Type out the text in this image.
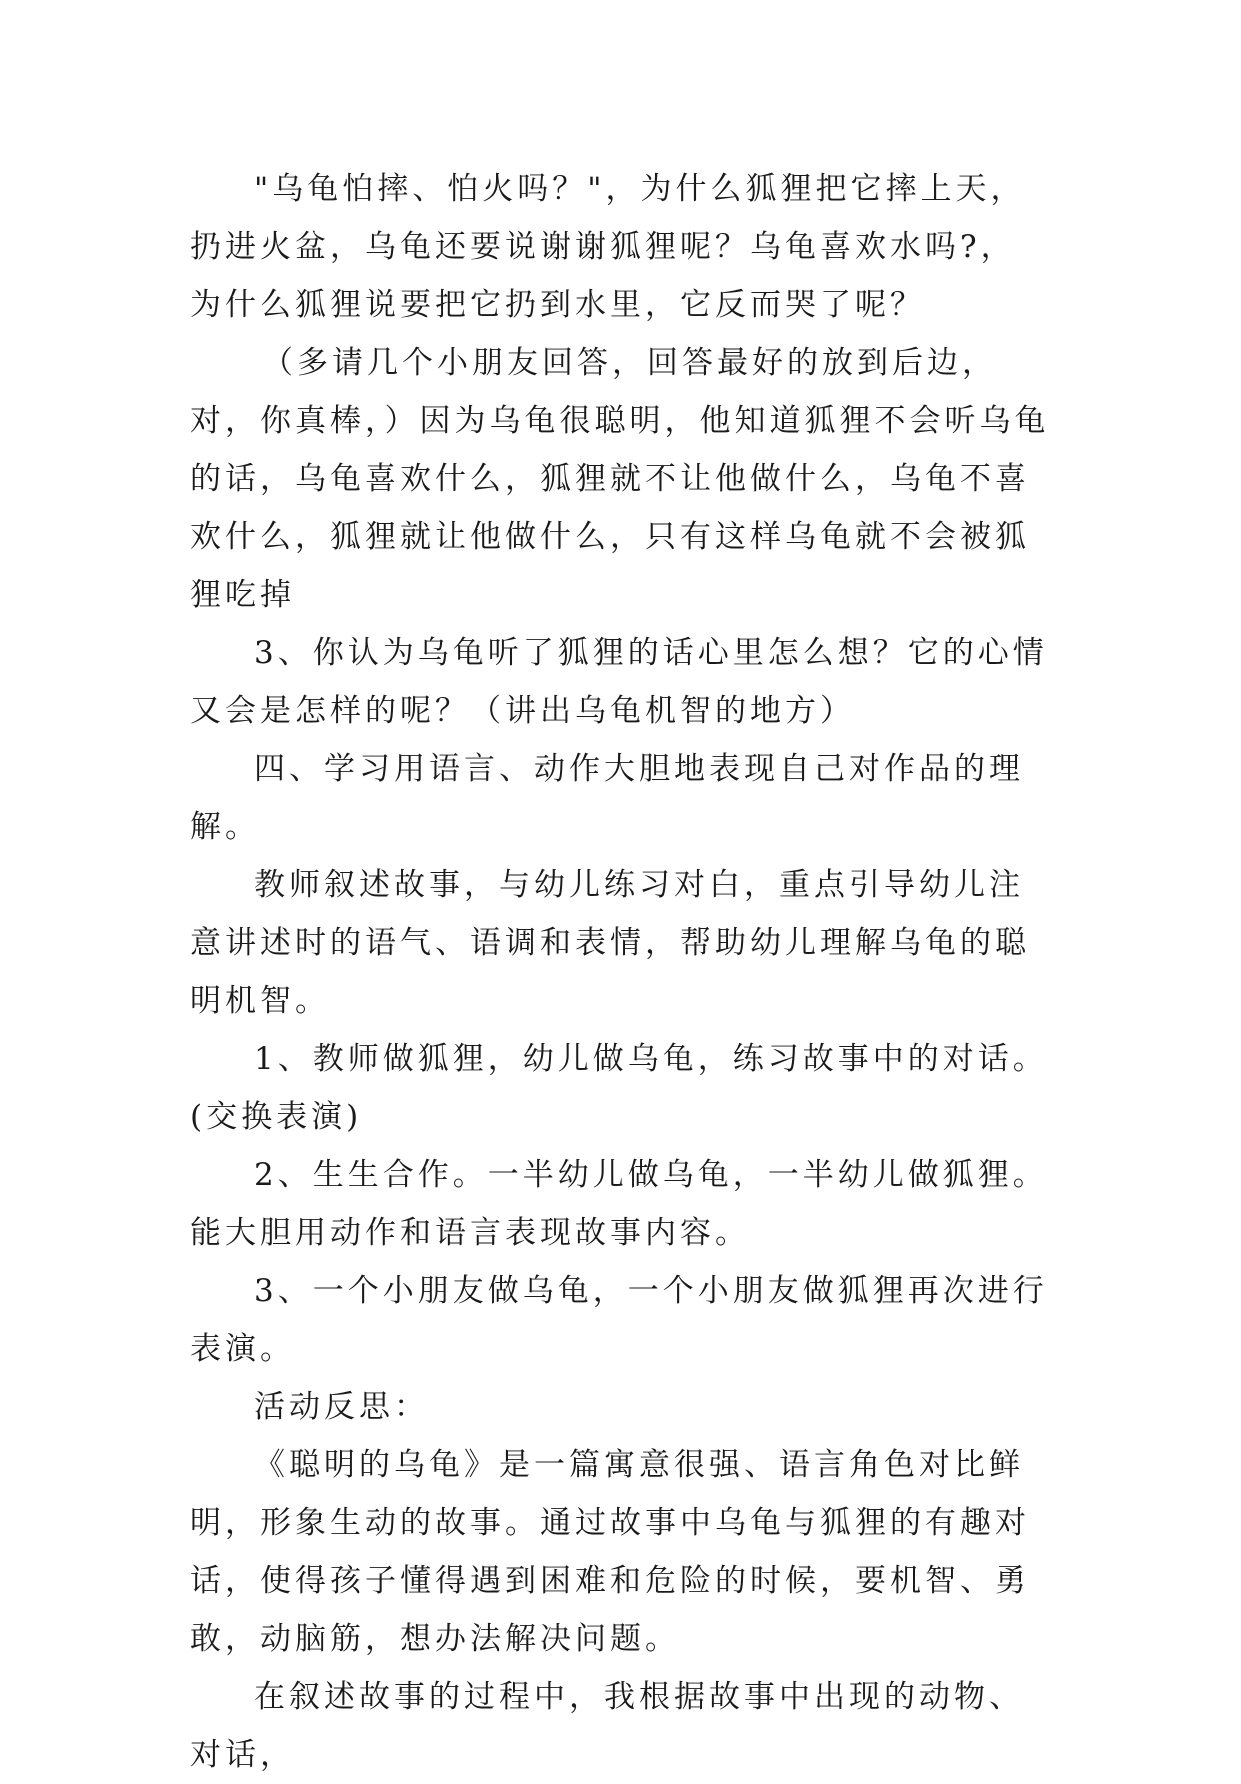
"乌龟怕摔、怕火吗？"，为什么狐狸把它摔上天，扔进火盆，乌龟还要说谢谢狐狸呢？乌龟喜欢水吗?，为什么狐狸说要把它扔到水里，它反而哭了呢？

（多请几个小朋友回答，回答最好的放到后边，对，你真棒，）因为乌龟很聪明，他知道狐狸不会听乌龟的话，乌龟喜欢什么，狐狸就不让他做什么，乌龟不喜欢什么，狐狸就让他做什么，只有这样乌龟就不会被狐狸吃掉

3、你认为乌龟听了狐狸的话心里怎么想？它的心情又会是怎样的呢？（讲出乌龟机智的地方）

四、学习用语言、动作大胆地表现自己对作品的理解。

教师叙述故事，与幼儿练习对白，重点引导幼儿注意讲述时的语气、语调和表情，帮助幼儿理解乌龟的聪明机智。

1、教师做狐狸，幼儿做乌龟，练习故事中的对话。(交换表演)

2、生生合作。一半幼儿做乌龟，一半幼儿做狐狸。能大胆用动作和语言表现故事内容。

3、一个小朋友做乌龟，一个小朋友做狐狸再次进行表演。

活动反思：

《聪明的乌龟》是一篇寓意很强、语言角色对比鲜明，形象生动的故事。通过故事中乌龟与狐狸的有趣对话，使得孩子懂得遇到困难和危险的时候，要机智、勇敢，动脑筋，想办法解决问题。

在叙述故事的过程中，我根据故事中出现的动物、对话，
